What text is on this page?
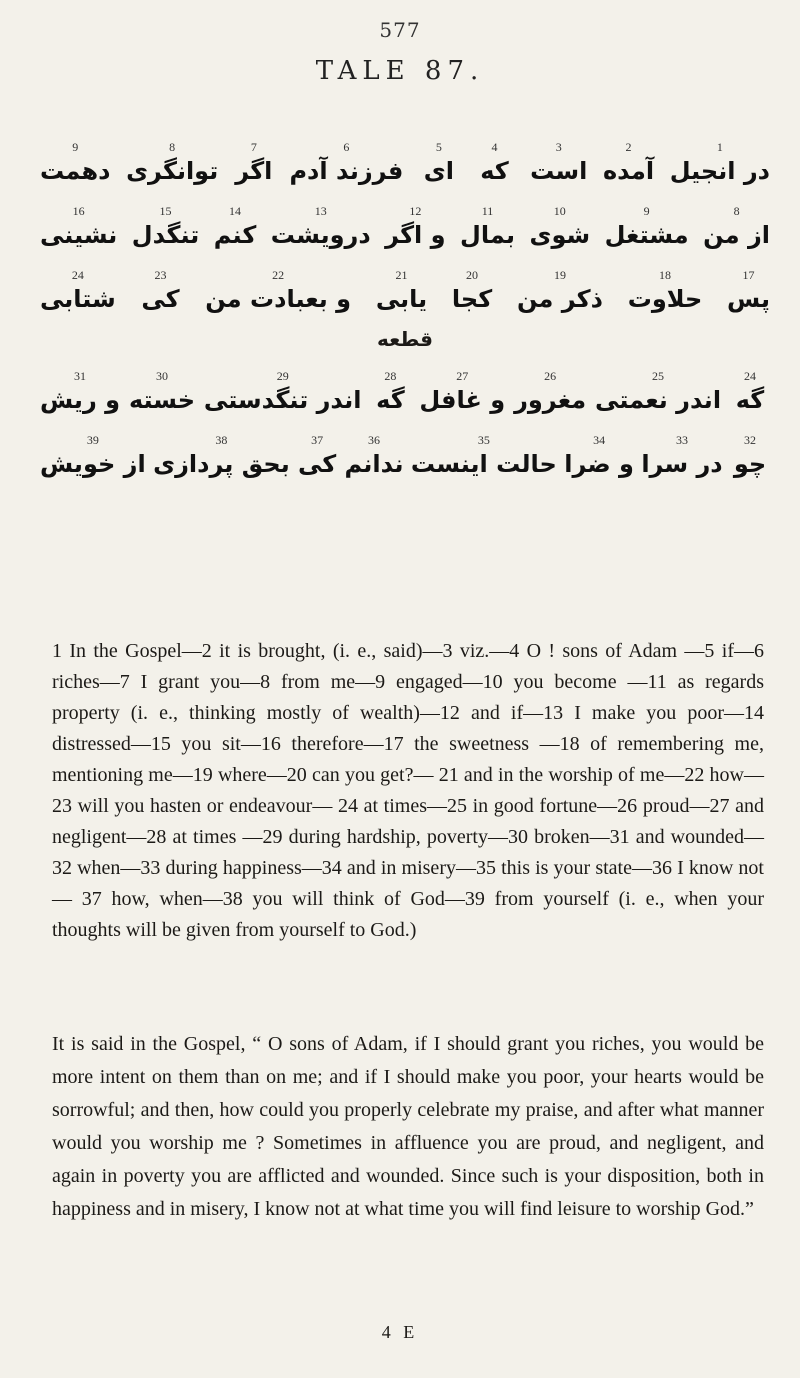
577
TALE 87.
1
در انجیل
2
آمده
3
است
4
که
5
ای
6
فرزند آدم
7
اگر
8
توانگری
9
دهمت
8
از من
9
مشتغل
10
شوی
11
بمال
12
و اگر
13
درویشت
14
کنم
15
تنگدل
16
نشینی
17
پس
18
حلاوت
19
ذکر من
20
کجا
21
یابی
22
و بعبادت من
23
کی
24
شتابی
قطعه
24
گه
25
اندر نعمتی
26
مغرور
27
و غافل
28
گه
29
اندر تنگدستی
30
خسته
31
و ریش
32
چو
33
در سرا
34
و ضرا
35
حالت اینست
36
ندانم
37
کی
38
بحق پردازی
39
از خویش
1 In the Gospel—2 it is brought, (i. e., said)—3 viz.—4 O ! sons of Adam —5 if—6 riches—7 I grant you—8 from me—9 engaged—10 you become —11 as regards property (i. e., thinking mostly of wealth)—12 and if—13 I make you poor—14 distressed—15 you sit—16 therefore—17 the sweetness —18 of remembering me, mentioning me—19 where—20 can you get?— 21 and in the worship of me—22 how—23 will you hasten or endeavour— 24 at times—25 in good fortune—26 proud—27 and negligent—28 at times —29 during hardship, poverty—30 broken—31 and wounded—32 when—33 during happiness—34 and in misery—35 this is your state—36 I know not— 37 how, when—38 you will think of God—39 from yourself (i. e., when your thoughts will be given from yourself to God.)
It is said in the Gospel, “ O sons of Adam, if I should grant you riches, you would be more intent on them than on me; and if I should make you poor, your hearts would be sorrowful; and then, how could you properly celebrate my praise, and after what manner would you worship me ? Sometimes in affluence you are proud, and negligent, and again in poverty you are afflicted and wounded. Since such is your disposition, both in happiness and in misery, I know not at what time you will find leisure to worship God.”
4 E
